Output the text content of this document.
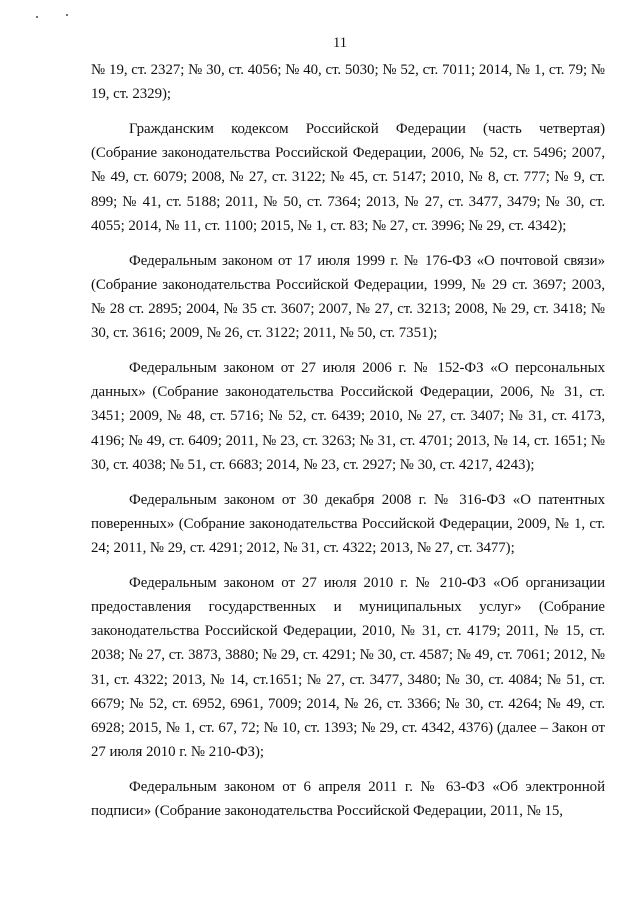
11

№ 19, ст. 2327; № 30, ст. 4056; № 40, ст. 5030; № 52, ст. 7011; 2014, № 1, ст. 79; № 19, ст. 2329);

Гражданским кодексом Российской Федерации (часть четвертая) (Собрание законодательства Российской Федерации, 2006, № 52, ст. 5496; 2007, № 49, ст. 6079; 2008, № 27, ст. 3122; № 45, ст. 5147; 2010, № 8, ст. 777; № 9, ст. 899; № 41, ст. 5188; 2011, № 50, ст. 7364; 2013, № 27, ст. 3477, 3479; № 30, ст. 4055; 2014, № 11, ст. 1100; 2015, № 1, ст. 83; № 27, ст. 3996; № 29, ст. 4342);

Федеральным законом от 17 июля 1999 г. № 176-ФЗ «О почтовой связи» (Собрание законодательства Российской Федерации, 1999, № 29 ст. 3697; 2003, № 28 ст. 2895; 2004, № 35 ст. 3607; 2007, № 27, ст. 3213; 2008, № 29, ст. 3418; № 30, ст. 3616; 2009, № 26, ст. 3122; 2011, № 50, ст. 7351);

Федеральным законом от 27 июля 2006 г. № 152-ФЗ «О персональных данных» (Собрание законодательства Российской Федерации, 2006, № 31, ст. 3451; 2009, № 48, ст. 5716; № 52, ст. 6439; 2010, № 27, ст. 3407; № 31, ст. 4173, 4196; № 49, ст. 6409; 2011, № 23, ст. 3263; № 31, ст. 4701; 2013, № 14, ст. 1651; № 30, ст. 4038; № 51, ст. 6683; 2014, № 23, ст. 2927; № 30, ст. 4217, 4243);

Федеральным законом от 30 декабря 2008 г. № 316-ФЗ «О патентных поверенных» (Собрание законодательства Российской Федерации, 2009, № 1, ст. 24; 2011, № 29, ст. 4291; 2012, № 31, ст. 4322; 2013, № 27, ст. 3477);

Федеральным законом от 27 июля 2010 г. № 210-ФЗ «Об организации предоставления государственных и муниципальных услуг» (Собрание законодательства Российской Федерации, 2010, № 31, ст. 4179; 2011, № 15, ст. 2038; № 27, ст. 3873, 3880; № 29, ст. 4291; № 30, ст. 4587; № 49, ст. 7061; 2012, № 31, ст. 4322; 2013, № 14, ст.1651; № 27, ст. 3477, 3480; № 30, ст. 4084; № 51, ст. 6679; № 52, ст. 6952, 6961, 7009; 2014, № 26, ст. 3366; № 30, ст. 4264; № 49, ст. 6928; 2015, № 1, ст. 67, 72; № 10, ст. 1393; № 29, ст. 4342, 4376) (далее – Закон от 27 июля 2010 г. № 210-ФЗ);

Федеральным законом от 6 апреля 2011 г. № 63-ФЗ «Об электронной подписи» (Собрание законодательства Российской Федерации, 2011, № 15,
